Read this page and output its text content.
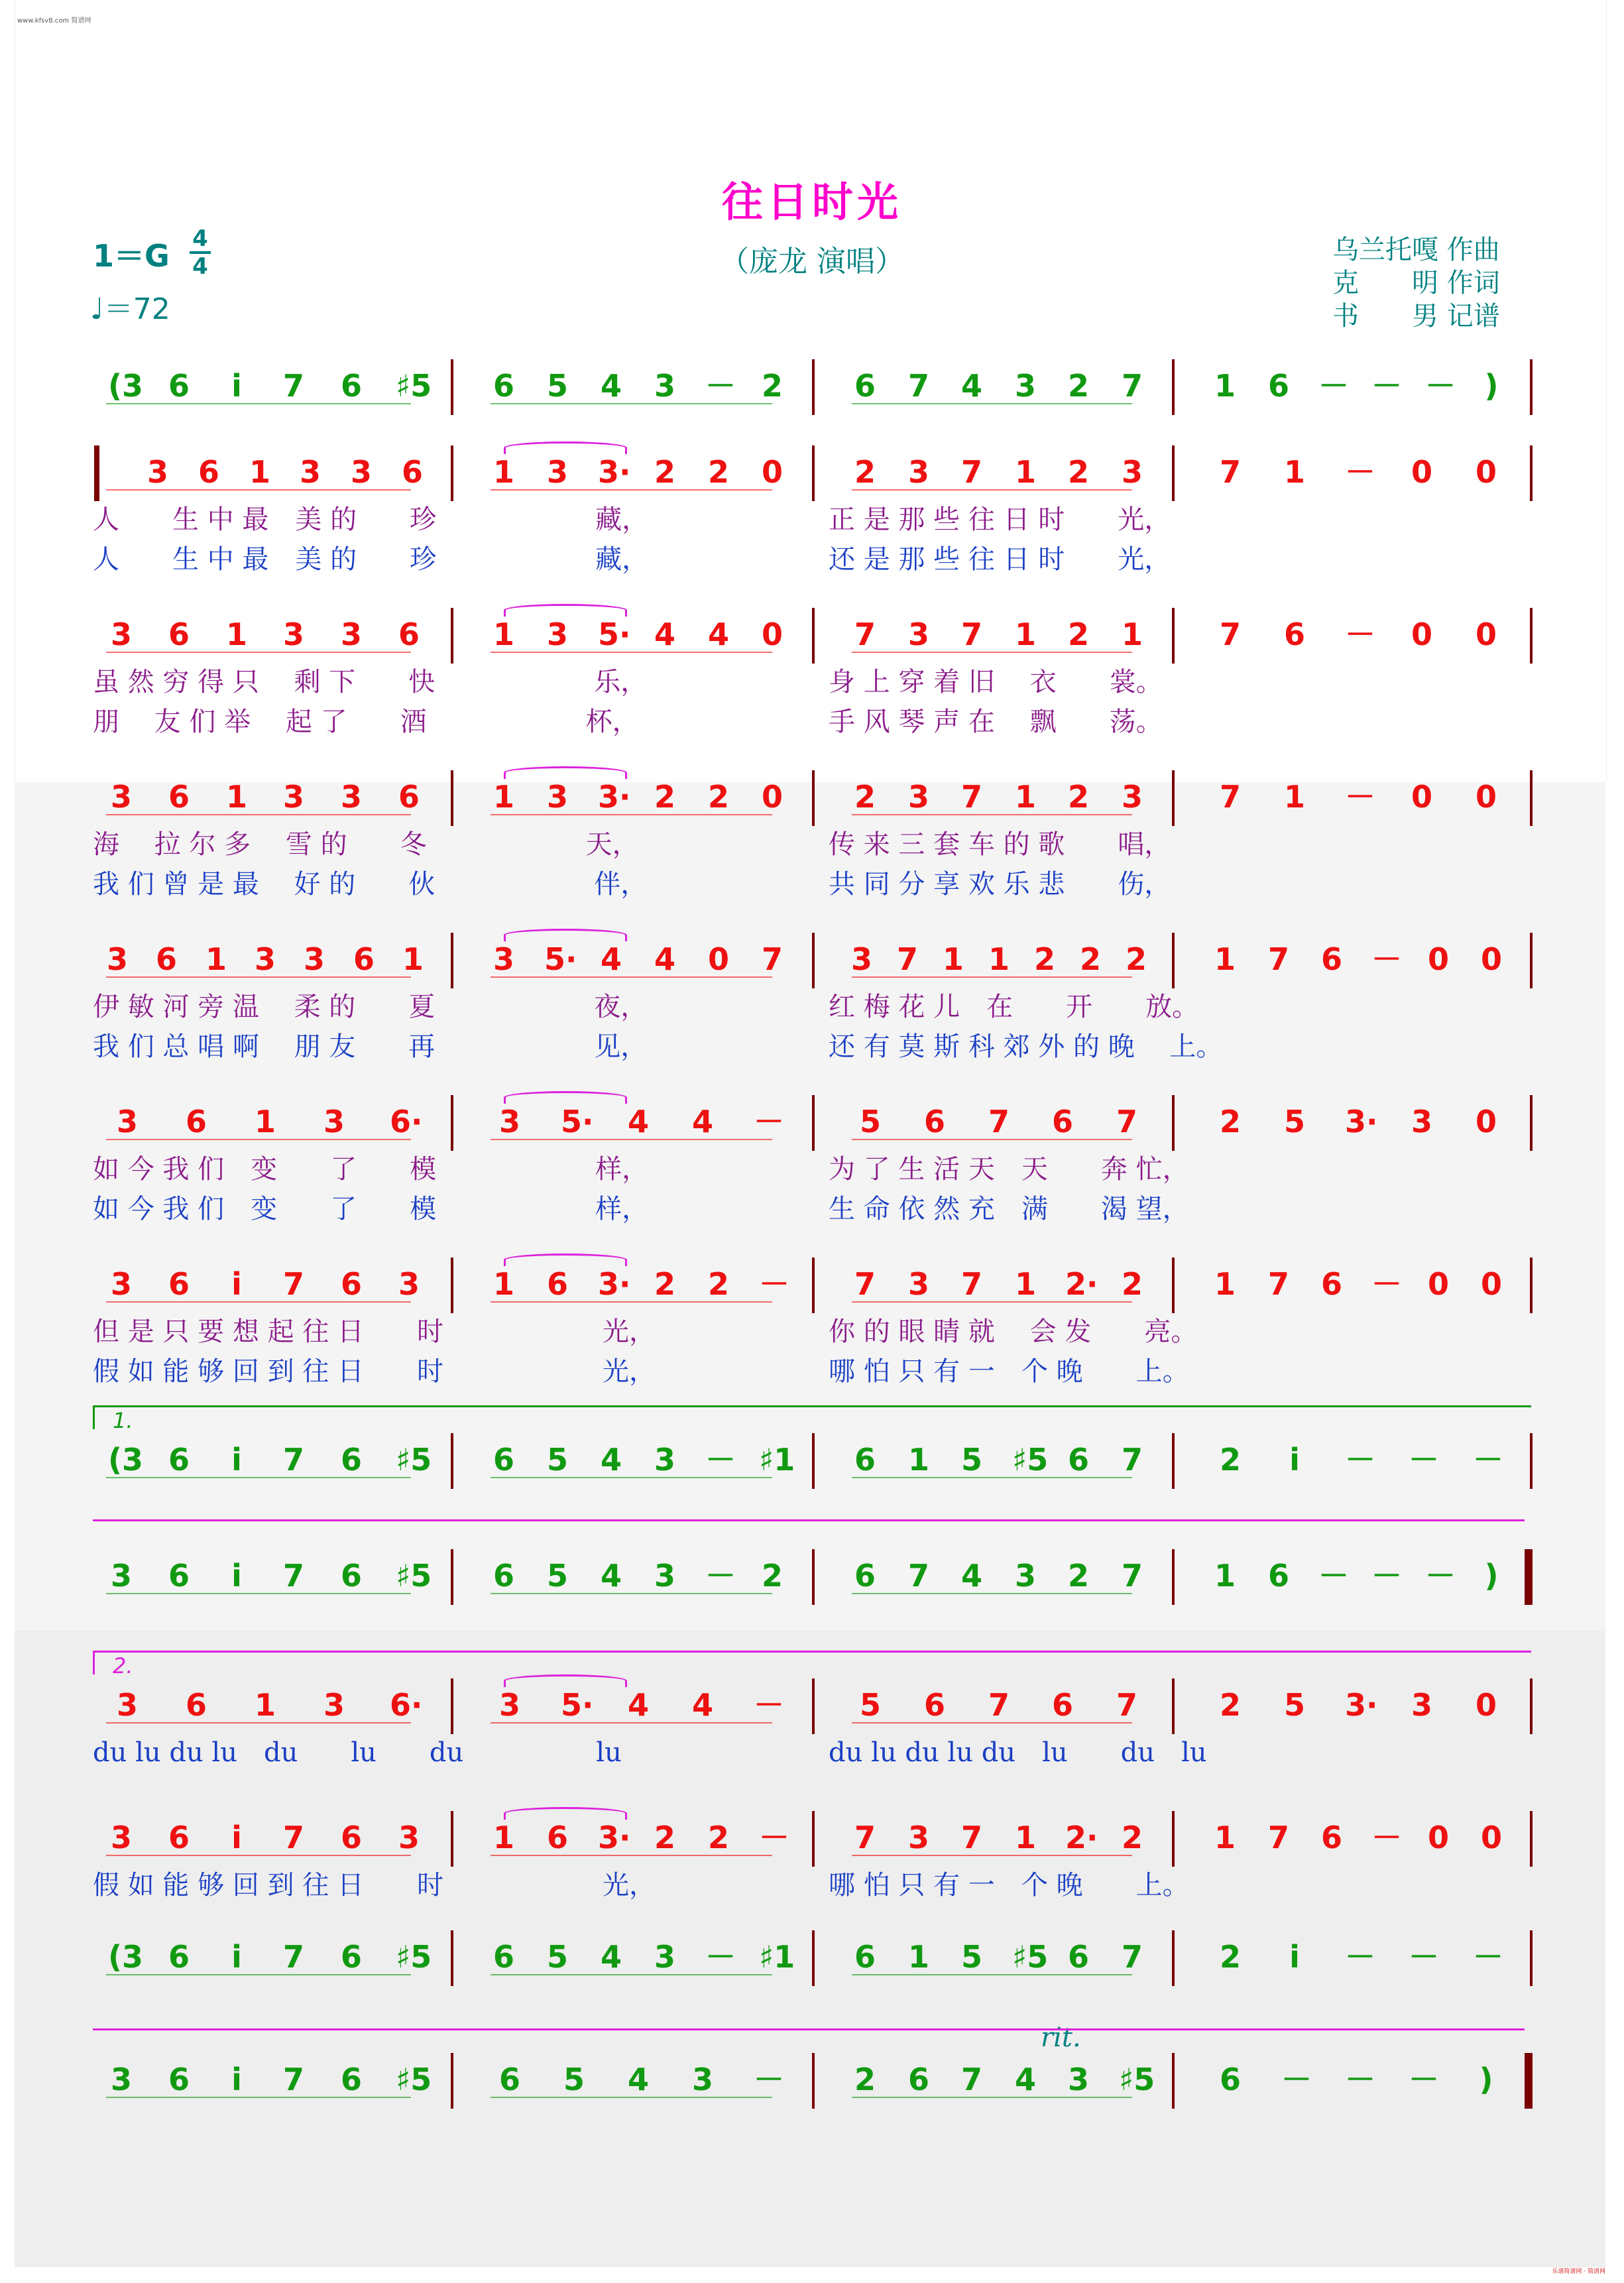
www.kfsv8.com 简谱网
乐谱简谱网 · 简谱网
往日时光
（庞龙 演唱）
1＝G 4
4
♩＝72
乌兰托嘎 作曲
克　　明 作词
书　　男 记谱
(3 6 i 7 6 ♯5 6 5 4 3 － 2 6 7 4 3 2 7 1 6 － － － )
3 6 1 3 3 6 1 3 3· 2 2 0 2 3 7 1 2 3	7 1 － 0 0
人　　生 中 最　美 的　　珍　　　　　　藏，
人　　生 中 最　美 的　　珍　　　　　　藏，
正 是 那 些 往 日 时　　光，
还 是 那 些 往 日 时　　光，
3 6 1 3 3 6 1 3 5· 4 4 0 7 3 7 1 2 1	7 6 － 0 0
虽 然 穷 得 只　 剩 下　　快　　　　　　乐，
朋　 友 们 举　 起 了　　酒　　　　　　杯，
身 上 穿 着 旧　 衣　　裳。
手 风 琴 声 在　 飘　　荡。
3 6 1 3 3 6 1 3 3· 2 2 0 2 3 7 1 2 3	7 1 － 0 0
海　 拉 尔 多　 雪 的　　冬　　　　　　天，
我 们 曾 是 最　 好 的　　伙　　　　　　伴，
传 来 三 套 车 的 歌　　唱，
共 同 分 享 欢 乐 悲　　伤，
3 6 1 3 3 6 1 3 5· 4 4 0 7 3 7 1 1 2 2 2 1 7 6 － 0 0
伊 敏 河 旁 温　 柔 的　　夏　　　　　　夜，
我 们 总 唱 啊　 朋 友　　再　　　　　　见，
红 梅 花 儿　在　　开　　放。
还 有 莫 斯 科 郊 外 的 晚　 上。
3 6 1 3 6·	3 5· 4 4 － 5 6 7 6 7	2 5 3· 3 0
如 今 我 们　变　　了　　模　　　　　　样，
如 今 我 们　变　　了　　模　　　　　　样，
为 了 生 活 天　天　　奔 忙，
生 命 依 然 充　满　　渴 望，
3 6 i 7 6 3 1 6 3· 2 2 － 7 3 7 1 2· 2 1 7 6 － 0 0
但 是 只 要 想 起 往 日　　时　　　　　　光，
假 如 能 够 回 到 往 日　　时　　　　　　光，
你 的 眼 睛 就　 会 发　　亮。
哪 怕 只 有 一　个 晚　　上。
(3 6 i 7 6 ♯5 6 5 4 3 － ♯1 6 1 5 ♯5 6 7	2 i － － －
1.
3 6 i 7 6 ♯5 6 5 4 3 － 2 6 7 4 3 2 7 1 6 － － － )
3 6 1 3 6·	3 5· 4 4 － 5 6 7 6 7	2 5 3· 3 0
du lu du lu　du　　lu　　du　　　　　lu	du lu du lu du　lu　　du　lu
2.
3 6 i 7 6 3 1 6 3· 2 2 － 7 3 7 1 2· 2 1 7 6 － 0 0
假 如 能 够 回 到 往 日　　时　　　　　　光，	哪 怕 只 有 一　个 晚　　上。
(3 6 i 7 6 ♯5 6 5 4 3 － ♯1 6 1 5 ♯5 6 7	2 i － － －
3 6 i 7 6 ♯5 6 5 4 3 － 2 6 7 4 3 ♯5 6 － － － )
rit.
